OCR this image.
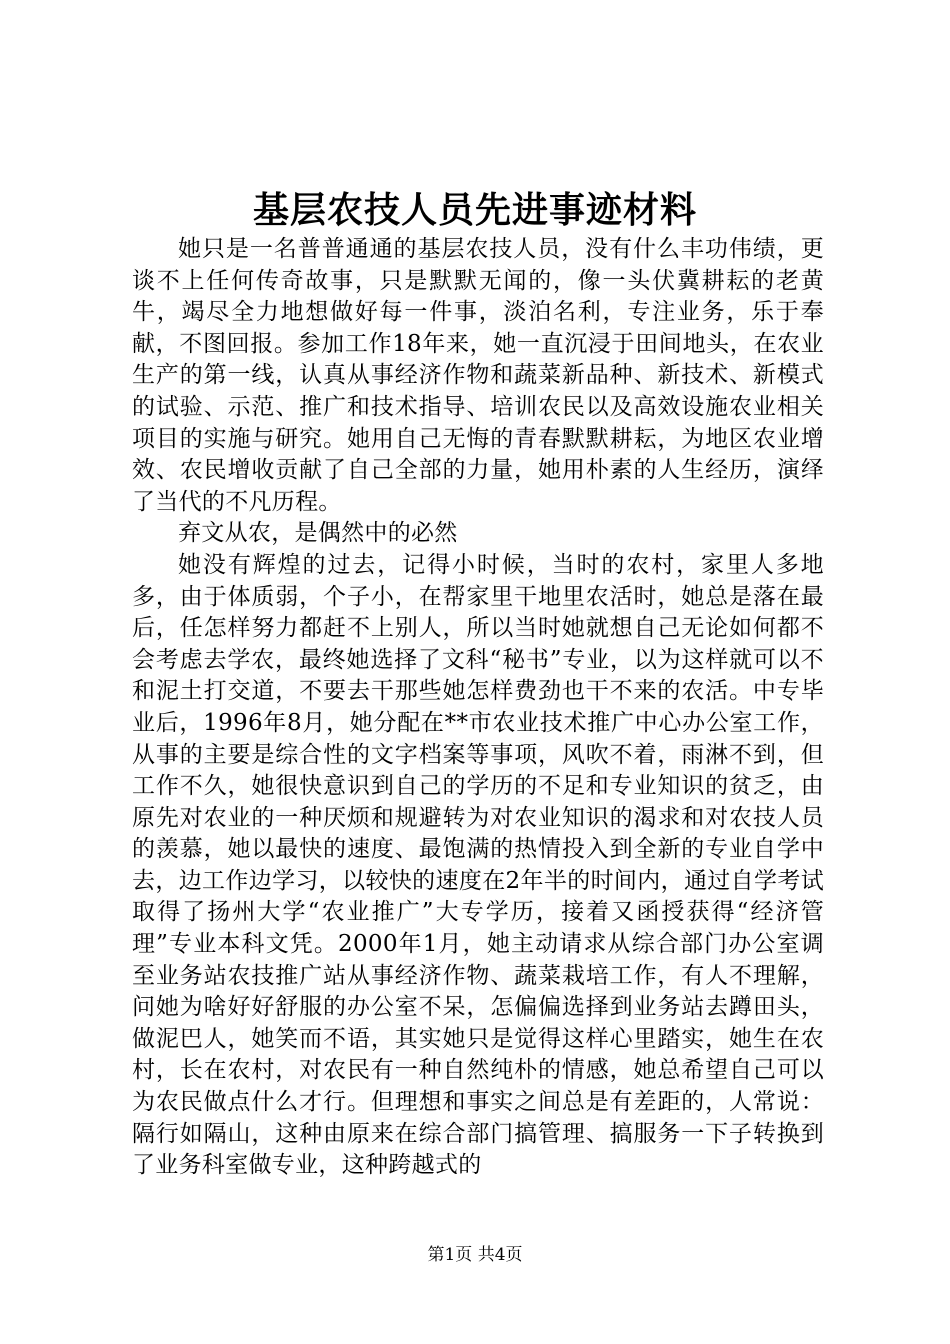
基层农技人员先进事迹材料

她只是一名普普通通的基层农技人员，没有什么丰功伟绩，更谈不上任何传奇故事，只是默默无闻的，像一头伏冀耕耘的老黄牛，竭尽全力地想做好每一件事，淡泊名利，专注业务，乐于奉献，不图回报。参加工作18年来，她一直沉浸于田间地头，在农业生产的第一线，认真从事经济作物和蔬菜新品种、新技术、新模式的试验、示范、推广和技术指导、培训农民以及高效设施农业相关项目的实施与研究。她用自己无悔的青春默默耕耘，为地区农业增效、农民增收贡献了自己全部的力量，她用朴素的人生经历，演绎了当代的不凡历程。

弃文从农，是偶然中的必然

她没有辉煌的过去，记得小时候，当时的农村，家里人多地多，由于体质弱，个子小，在帮家里干地里农活时，她总是落在最后，任怎样努力都赶不上别人，所以当时她就想自己无论如何都不会考虑去学农，最终她选择了文科“秘书”专业，以为这样就可以不和泥土打交道，不要去干那些她怎样费劲也干不来的农活。中专毕业后，1996年8月，她分配在**市农业技术推广中心办公室工作，从事的主要是综合性的文字档案等事项，风吹不着，雨淋不到，但工作不久，她很快意识到自己的学历的不足和专业知识的贫乏，由原先对农业的一种厌烦和规避转为对农业知识的渴求和对农技人员的羡慕，她以最快的速度、最饱满的热情投入到全新的专业自学中去，边工作边学习，以较快的速度在2年半的时间内，通过自学考试取得了扬州大学“农业推广”大专学历，接着又函授获得“经济管理”专业本科文凭。2000年1月，她主动请求从综合部门办公室调至业务站农技推广站从事经济作物、蔬菜栽培工作，有人不理解，问她为啥好好舒服的办公室不呆，怎偏偏选择到业务站去蹲田头，做泥巴人，她笑而不语，其实她只是觉得这样心里踏实，她生在农村，长在农村，对农民有一种自然纯朴的情感，她总希望自己可以为农民做点什么才行。但理想和事实之间总是有差距的，人常说：隔行如隔山，这种由原来在综合部门搞管理、搞服务一下子转换到了业务科室做专业，这种跨越式的

第1页 共4页
